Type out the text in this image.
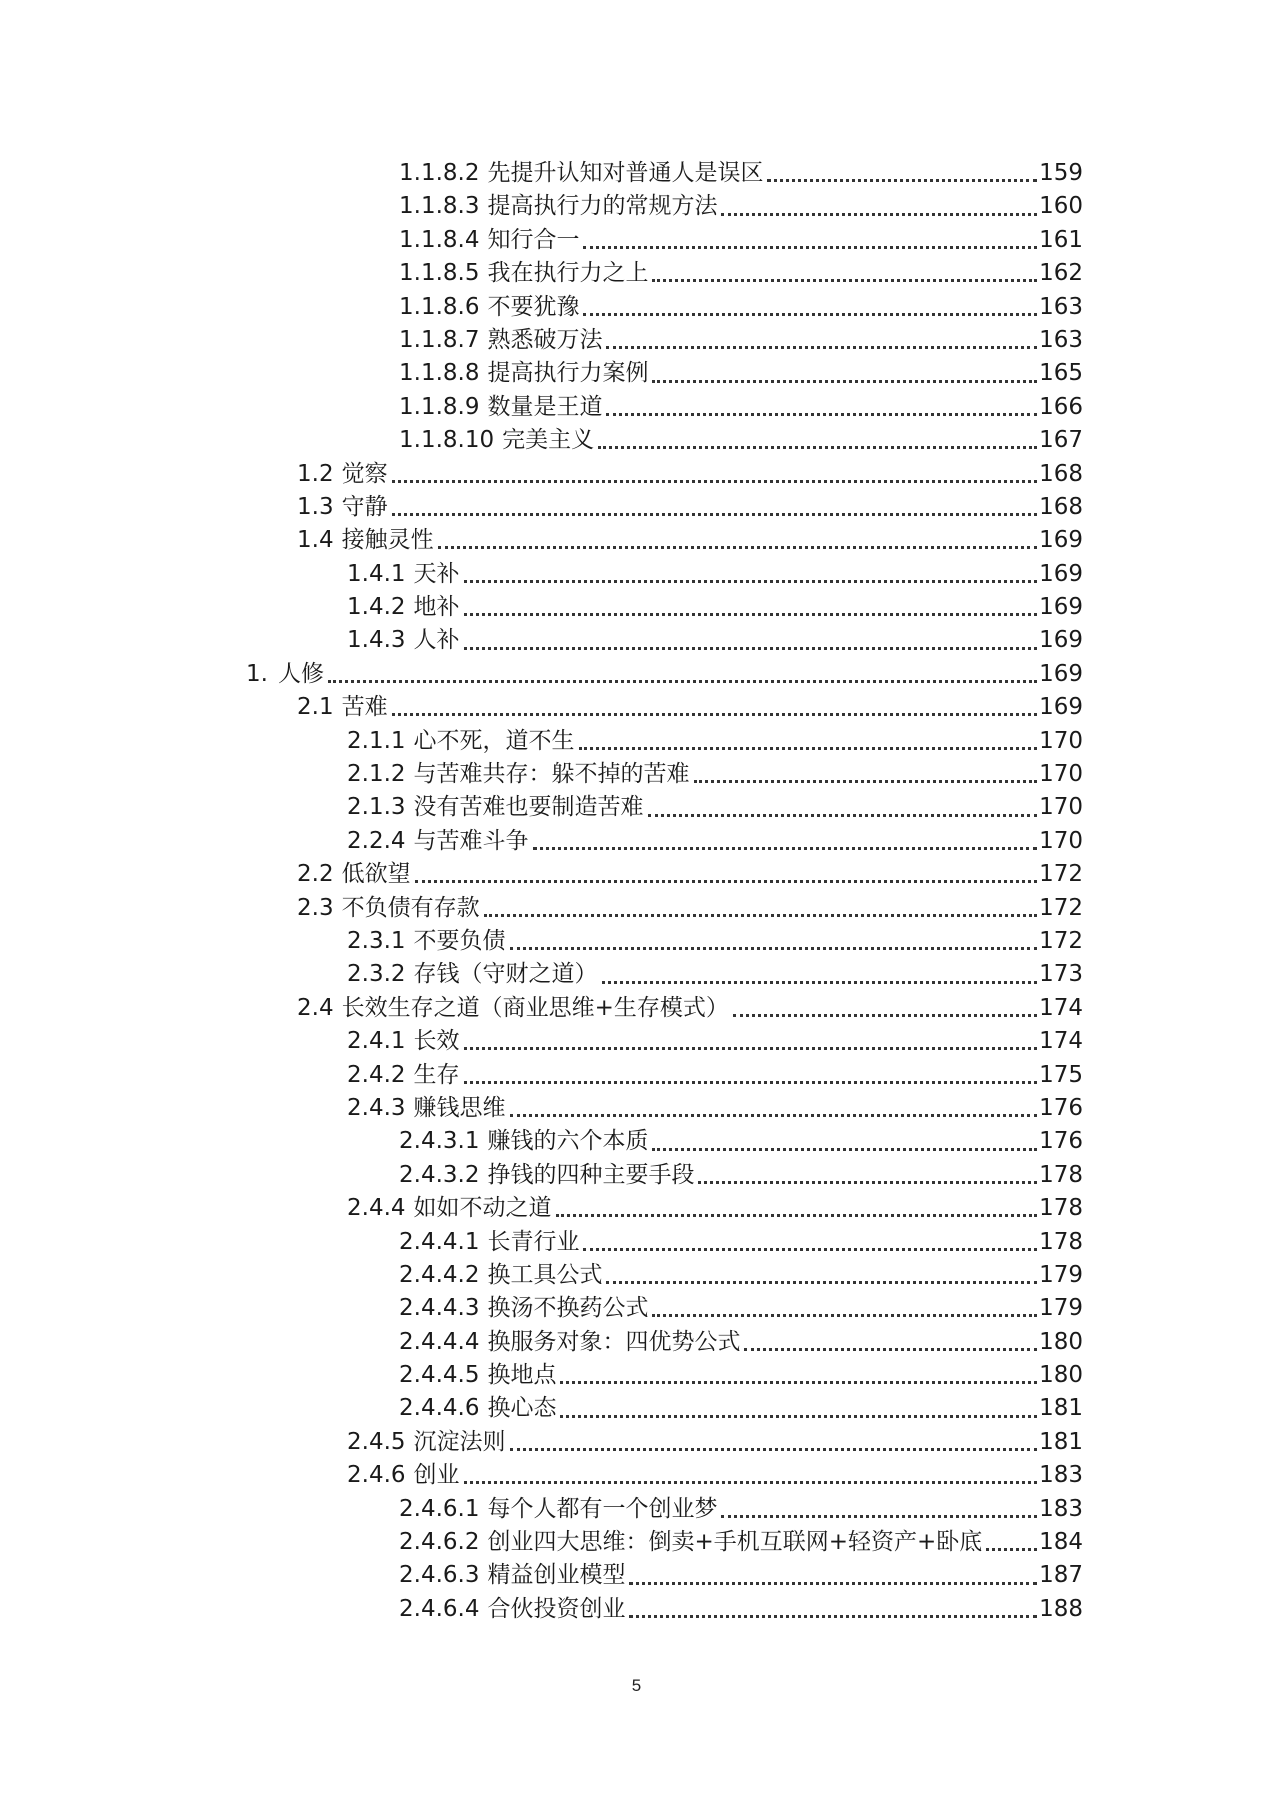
1.1.8.2 先提升认知对普通人是误区	159
1.1.8.3 提高执行力的常规方法	160
1.1.8.4 知行合一	161
1.1.8.5 我在执行力之上	162
1.1.8.6 不要犹豫	163
1.1.8.7 熟悉破万法	163
1.1.8.8 提高执行力案例	165
1.1.8.9 数量是王道	166
1.1.8.10 完美主义	167
1.2 觉察	168
1.3 守静	168
1.4 接触灵性	169
1.4.1 天补	169
1.4.2 地补	169
1.4.3 人补	169
1. 人修	169
2.1 苦难	169
2.1.1 心不死，道不生	170
2.1.2 与苦难共存：躲不掉的苦难	170
2.1.3 没有苦难也要制造苦难	170
2.2.4 与苦难斗争	170
2.2 低欲望	172
2.3 不负债有存款	172
2.3.1 不要负债	172
2.3.2 存钱（守财之道）	173
2.4 长效生存之道（商业思维+生存模式）	174
2.4.1 长效	174
2.4.2 生存	175
2.4.3 赚钱思维	176
2.4.3.1 赚钱的六个本质	176
2.4.3.2 挣钱的四种主要手段	178
2.4.4 如如不动之道	178
2.4.4.1 长青行业	178
2.4.4.2 换工具公式	179
2.4.4.3 换汤不换药公式	179
2.4.4.4 换服务对象：四优势公式	180
2.4.4.5 换地点	180
2.4.4.6 换心态	181
2.4.5 沉淀法则	181
2.4.6 创业	183
2.4.6.1 每个人都有一个创业梦	183
2.4.6.2 创业四大思维：倒卖+手机互联网+轻资产+卧底 184
2.4.6.3 精益创业模型	187
2.4.6.4 合伙投资创业	188
5
